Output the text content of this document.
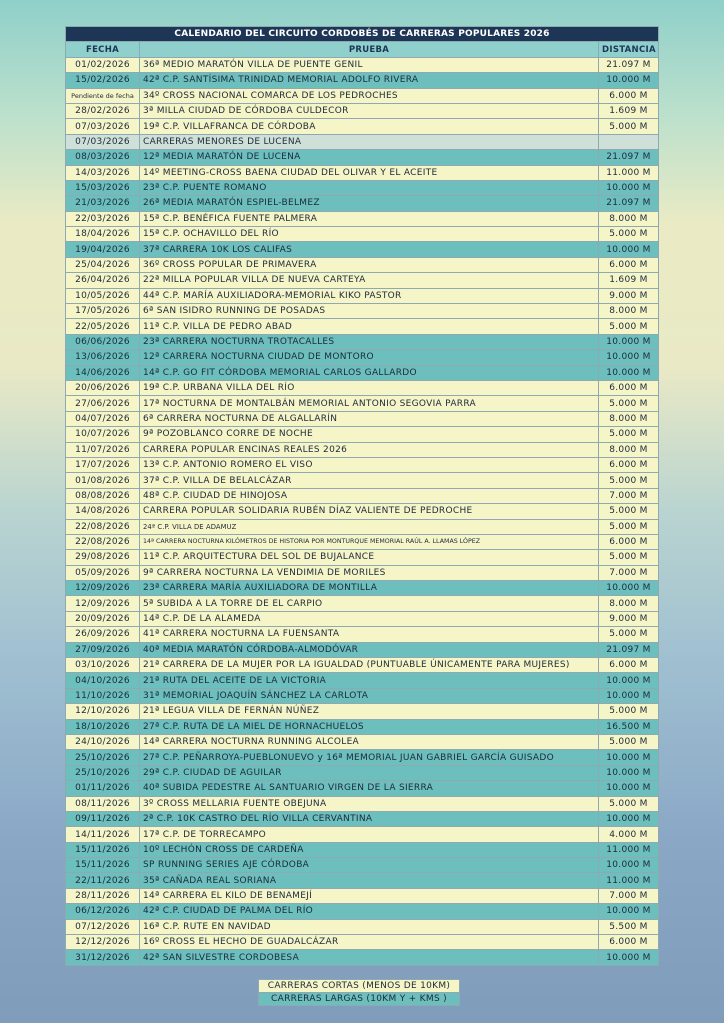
CALENDARIO DEL CIRCUITO CORDOBÉS DE CARRERAS POPULARES 2026		
FECHA	PRUEBA	DISTANCIA
01/02/2026	36ª MEDIO MARATÓN VILLA DE PUENTE GENIL	21.097 M
15/02/2026	42ª C.P. SANTÍSIMA TRINIDAD MEMORIAL ADOLFO RIVERA	10.000 M
Pendiente de fecha	34º CROSS NACIONAL COMARCA DE LOS PEDROCHES	6.000 M
28/02/2026	3ª MILLA CIUDAD DE CÓRDOBA CULDECOR	1.609 M
07/03/2026	19ª C.P. VILLAFRANCA DE CÓRDOBA	5.000 M
07/03/2026	CARRERAS MENORES DE LUCENA	
08/03/2026	12ª MEDIA MARATÓN DE LUCENA	21.097 M
14/03/2026	14º MEETING-CROSS BAENA CIUDAD DEL OLIVAR Y EL ACEITE	11.000 M
15/03/2026	23ª C.P. PUENTE ROMANO	10.000 M
21/03/2026	26ª MEDIA MARATÓN ESPIEL-BELMEZ	21.097 M
22/03/2026	15ª C.P. BENÉFICA FUENTE PALMERA	8.000 M
18/04/2026	15ª C.P. OCHAVILLO DEL RÍO	5.000 M
19/04/2026	37ª CARRERA 10K LOS CALIFAS	10.000 M
25/04/2026	36º CROSS POPULAR DE PRIMAVERA	6.000 M
26/04/2026	22ª MILLA POPULAR VILLA DE NUEVA CARTEYA	1.609 M
10/05/2026	44ª C.P. MARÍA AUXILIADORA-MEMORIAL KIKO PASTOR	9.000 M
17/05/2026	6ª SAN ISIDRO RUNNING DE POSADAS	8.000 M
22/05/2026	11ª C.P. VILLA DE PEDRO ABAD	5.000 M
06/06/2026	23ª CARRERA NOCTURNA TROTACALLES	10.000 M
13/06/2026	12ª CARRERA NOCTURNA CIUDAD DE MONTORO	10.000 M
14/06/2026	14ª C.P. GO FIT CÓRDOBA MEMORIAL CARLOS GALLARDO	10.000 M
20/06/2026	19ª C.P. URBANA VILLA DEL RÍO	6.000 M
27/06/2026	17ª NOCTURNA DE MONTALBÁN MEMORIAL ANTONIO SEGOVIA PARRA	5.000 M
04/07/2026	6ª CARRERA NOCTURNA DE ALGALLARÍN	8.000 M
10/07/2026	9ª POZOBLANCO CORRE DE NOCHE	5.000 M
11/07/2026	CARRERA POPULAR ENCINAS REALES 2026	8.000 M
17/07/2026	13ª C.P. ANTONIO ROMERO EL VISO	6.000 M
01/08/2026	37ª C.P. VILLA DE BELALCÁZAR	5.000 M
08/08/2026	48ª C.P. CIUDAD DE HINOJOSA	7.000 M
14/08/2026	CARRERA POPULAR SOLIDARIA RUBÉN DÍAZ VALIENTE DE PEDROCHE	5.000 M
22/08/2026	24ª C.P. VILLA DE ADAMUZ	5.000 M
22/08/2026	14ª CARRERA NOCTURNA KILÓMETROS DE HISTORIA POR MONTURQUE MEMORIAL RAÚL A. LLAMAS LÓPEZ	6.000 M
29/08/2026	11ª C.P. ARQUITECTURA DEL SOL DE BUJALANCE	5.000 M
05/09/2026	9ª CARRERA NOCTURNA LA VENDIMIA DE MORILES	7.000 M
12/09/2026	23ª CARRERA MARÍA AUXILIADORA DE MONTILLA	10.000 M
12/09/2026	5ª SUBIDA A LA TORRE DE EL CARPIO	8.000 M
20/09/2026	14ª C.P. DE LA ALAMEDA	9.000 M
26/09/2026	41ª CARRERA NOCTURNA LA FUENSANTA	5.000 M
27/09/2026	40ª MEDIA MARATÓN CÓRDOBA-ALMODÓVAR	21.097 M
03/10/2026	21ª CARRERA DE LA MUJER POR LA IGUALDAD (PUNTUABLE ÚNICAMENTE PARA MUJERES)	6.000 M
04/10/2026	21ª RUTA DEL ACEITE DE LA VICTORIA	10.000 M
11/10/2026	31ª MEMORIAL JOAQUÍN SÁNCHEZ LA CARLOTA	10.000 M
12/10/2026	21ª LEGUA VILLA DE FERNÁN NÚÑEZ	5.000 M
18/10/2026	27ª C.P. RUTA DE LA MIEL DE HORNACHUELOS	16.500 M
24/10/2026	14ª CARRERA NOCTURNA RUNNING ALCOLEA	5.000 M
25/10/2026	27ª C.P. PEÑARROYA-PUEBLONUEVO y 16ª MEMORIAL JUAN GABRIEL GARCÍA GUISADO	10.000 M
25/10/2026	29ª C.P. CIUDAD DE AGUILAR	10.000 M
01/11/2026	40ª SUBIDA PEDESTRE AL SANTUARIO VIRGEN DE LA SIERRA	10.000 M
08/11/2026	3º CROSS MELLARIA FUENTE OBEJUNA	5.000 M
09/11/2026	2ª C.P. 10K CASTRO DEL RÍO VILLA CERVANTINA	10.000 M
14/11/2026	17ª C.P. DE TORRECAMPO	4.000 M
15/11/2026	10º LECHÓN CROSS DE CARDEÑA	11.000 M
15/11/2026	SP RUNNING SERIES AJE CÓRDOBA	10.000 M
22/11/2026	35ª CAÑADA REAL SORIANA	11.000 M
28/11/2026	14ª CARRERA EL KILO DE BENAMEJÍ	7.000 M
06/12/2026	42ª C.P. CIUDAD DE PALMA DEL RÍO	10.000 M
07/12/2026	16ª C.P. RUTE EN NAVIDAD	5.500 M
12/12/2026	16º CROSS EL HECHO DE GUADALCÁZAR	6.000 M
31/12/2026	42ª SAN SILVESTRE CORDOBESA	10.000 M
CARRERAS CORTAS (MENOS DE 10KM)
CARRERAS LARGAS (10KM Y + KMS )
